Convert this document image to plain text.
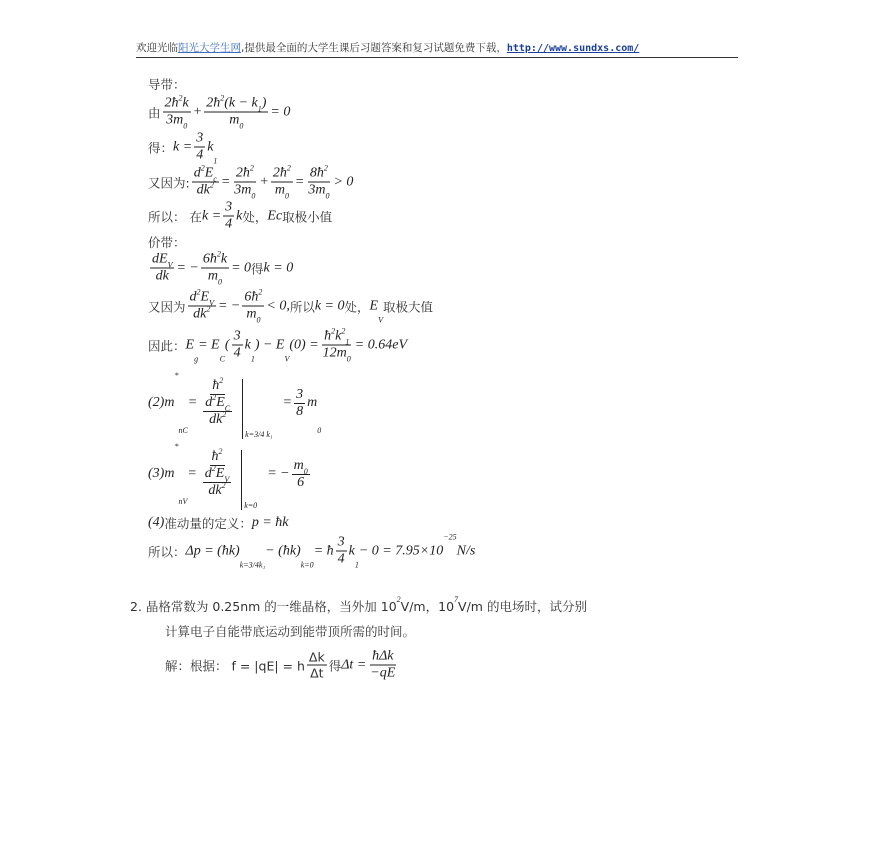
欢迎光临阳光大学生网,提供最全面的大学生课后习题答案和复习试题免费下载，http://www.sundxs.com/
导带：
由 $\frac{2ħ 2 k}{3m 0} + \frac{2ħ 2 (k - k 1 )}{m 0} = 0$
得： $k = \frac{3}{4}$ k
1
又因为: $\frac{\text{d 2 E c}}{dk 2} = \frac{2ħ 2}{3m 0} + \frac{2ħ 2}{m 0} = \frac{8ħ 2}{3m 0} > 0$
所以： 在 $k = \frac{3}{4}$ k 处， Ec 取极小值
价带：
$\frac{\text{dE V}}{dk}$ = − $\frac{6ħ 2 k}{m 0} = 0$ 得 k = 0
又因为 $\frac{\text{d 2 E V}}{dk 2}$ = − $\frac{6ħ 2}{m 0} < 0$, 所以 k = 0 处， E
V
取极大值
因此： E
g
= E
C
( $\frac{3}{4}$ k
1
) − E
V
(0) = ħ 2 k 2
1
12m 0 = 0.64eV
(2)m
*
nC
= $\frac{ħ 2}{\frac{\text{d 2 E C}}{dk 2}}$
k=3/4 k₁
= $\frac{3}{8}$ m
0
(3)m
*
nV
= $\frac{ħ 2}{\frac{\text{d 2 E V}}{dk 2}}$
k=0
= − $\frac{m 0}{6}$
(4) 准动量的定义： p = ħk
所以： Δp = (ħk)
k=3/4k₁
− (ħk)
k=0
= ħ $\frac{3}{4}$ k
1
− 0 = 7.95×10
−25
N/s
2. 晶格常数为 0.25nm 的一维晶格，当外加 10 2 V/m，10 7 V/m 的电场时，试分别
计算电子自能带底运动到能带顶所需的时间。
解：根据： f = |qE| = h $\frac{\Delta k}{\Delta t}$ 得 $\Delta t = \frac{\text{ħΔk}}{-qE}$
